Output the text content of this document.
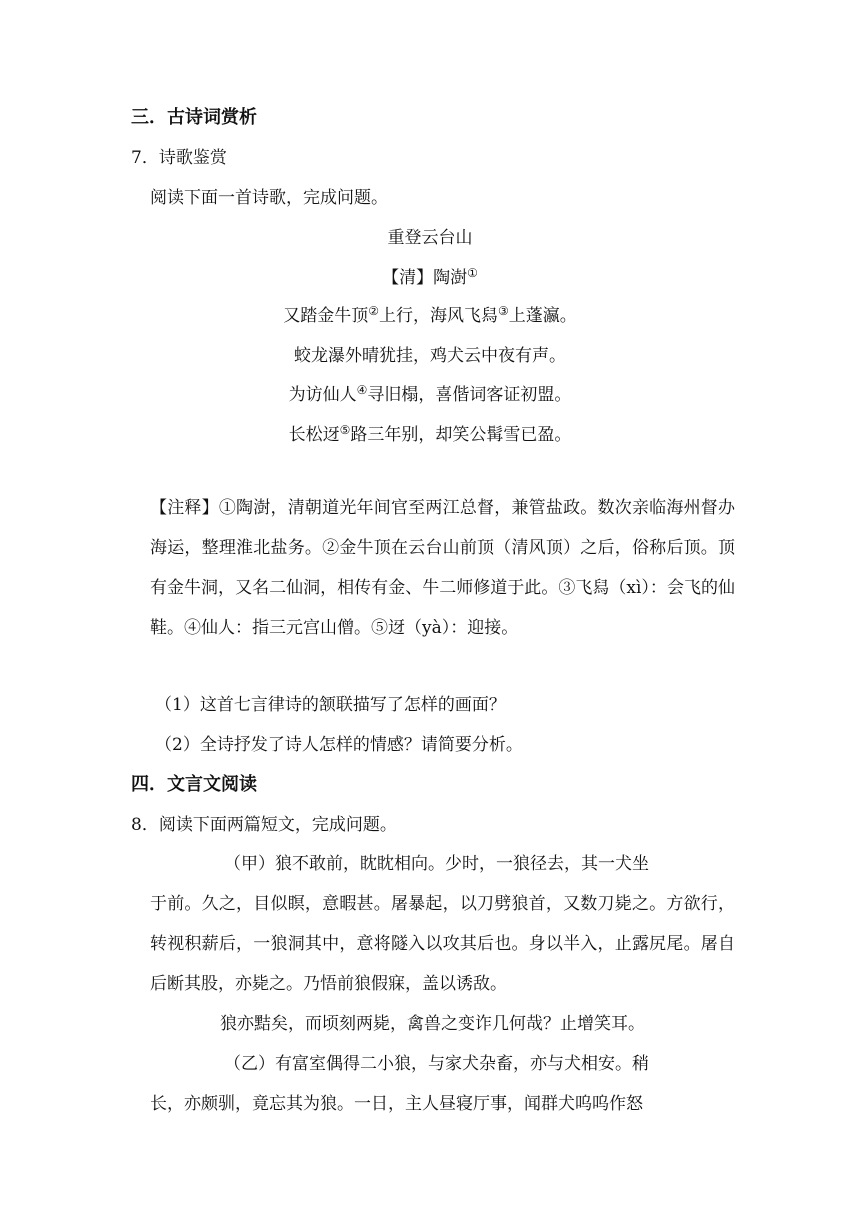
三．古诗词赏析
7．诗歌鉴赏
阅读下面一首诗歌，完成问题。
重登云台山
【清】陶澍①
又踏金牛顶②上行，海风飞舄③上蓬瀛。
蛟龙瀑外晴犹挂，鸡犬云中夜有声。
为访仙人④寻旧榻，喜偕词客证初盟。
长松迓⑤路三年别，却笑公髯雪已盈。
【注释】①陶澍，清朝道光年间官至两江总督，兼管盐政。数次亲临海州督办海运，整理淮北盐务。②金牛顶在云台山前顶（清风顶）之后，俗称后顶。顶有金牛洞，又名二仙洞，相传有金、牛二师修道于此。③飞舄（xì）：会飞的仙鞋。④仙人：指三元宫山僧。⑤迓（yà）：迎接。
（1）这首七言律诗的颔联描写了怎样的画面？
（2）全诗抒发了诗人怎样的情感？请简要分析。
四．文言文阅读
8．阅读下面两篇短文，完成问题。
（甲）狼不敢前，眈眈相向。少时，一狼径去，其一犬坐
于前。久之，目似瞑，意暇甚。屠暴起，以刀劈狼首，又数刀毙之。方欲行，转视积薪后，一狼洞其中，意将隧入以攻其后也。身以半入，止露尻尾。屠自后断其股，亦毙之。乃悟前狼假寐，盖以诱敌。
狼亦黠矣，而顷刻两毙，禽兽之变诈几何哉？止增笑耳。
（乙）有富室偶得二小狼，与家犬杂畜，亦与犬相安。稍
长，亦颇驯，竟忘其为狼。一日，主人昼寝厅事，闻群犬呜呜作怒
